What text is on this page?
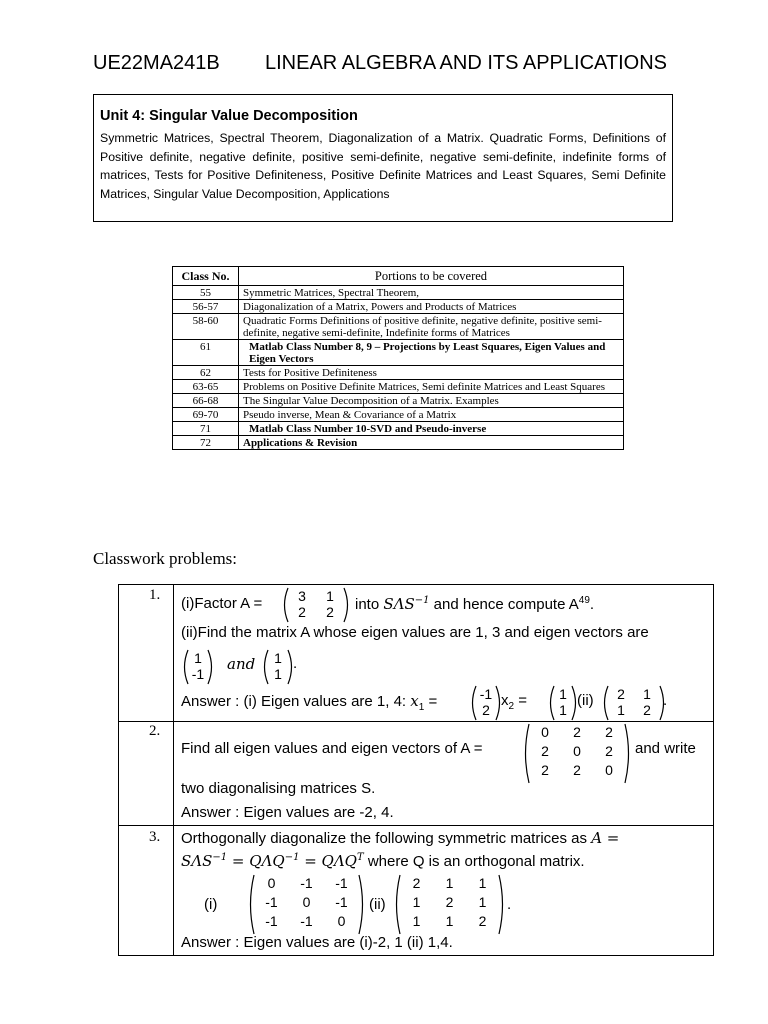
UE22MA241B LINEAR ALGEBRA AND ITS APPLICATIONS
Unit 4: Singular Value Decomposition
Symmetric Matrices, Spectral Theorem, Diagonalization of a Matrix. Quadratic Forms, Definitions of Positive definite, negative definite, positive semi-definite, negative semi-definite, indefinite forms of matrices, Tests for Positive Definiteness, Positive Definite Matrices and Least Squares, Semi Definite Matrices, Singular Value Decomposition, Applications
Class No.	Portions to be covered
55	Symmetric Matrices, Spectral Theorem,
56-57	Diagonalization of a Matrix, Powers and Products of Matrices
58-60	Quadratic Forms Definitions of positive definite, negative definite, positive semi-definite, negative semi-definite, Indefinite forms of Matrices
61	Matlab Class Number 8, 9 – Projections by Least Squares, Eigen Values and Eigen Vectors
62	Tests for Positive Definiteness
63-65	Problems on Positive Definite Matrices, Semi definite Matrices and Least Squares
66-68	The Singular Value Decomposition of a Matrix. Examples
69-70	Pseudo inverse, Mean & Covariance of a Matrix
71	Matlab Class Number 10-SVD and Pseudo-inverse
72	Applications & Revision
Classwork problems:
1. (i)Factor A =	3	1
2	2	into $S\Lambda S^{-1}$ and hence compute $A^{49}$.
(ii)Find the matrix A whose eigen values are 1, 3 and eigen vectors are
1
-1
and	1
1
.
Answer : (i) Eigen values are 1, 4: $x_1$ =	-1
2
$x_2$ =	1
1
(ii)	2	1
1	2
.
2.
Find all eigen values and eigen vectors of A =
0	2	2
2	0	2
2	2	0
and write
two diagonalising matrices S.
Answer : Eigen values are -2, 4.
3. Orthogonally diagonalize the following symmetric matrices as A =
$S\Lambda S^{-1} = Q\Lambda Q^{-1} = Q\Lambda Q^T$ where Q is an orthogonal matrix.
(i)
0	-1 -1
-1	0	-1
-1 -1	0
(ii)
2	1	1
1	2	1
1	1	2
.
Answer : Eigen values are (i)-2, 1 (ii) 1,4.
